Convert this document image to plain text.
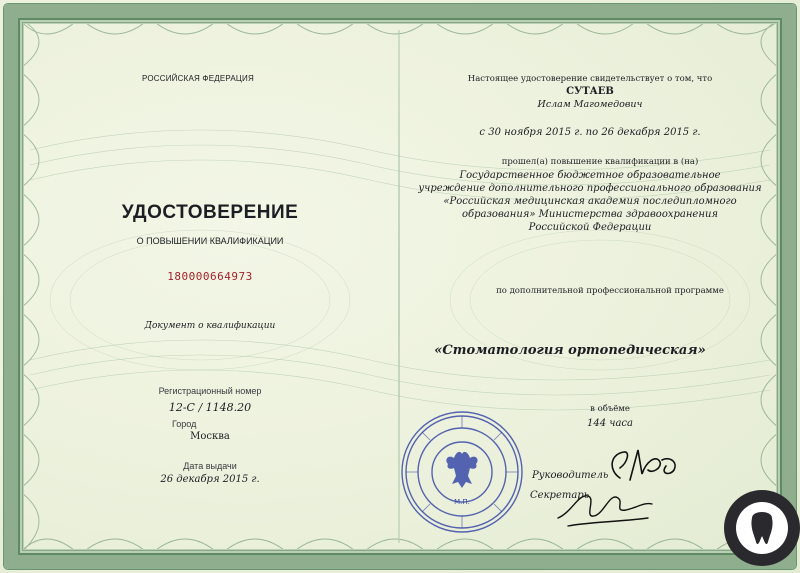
РОССИЙСКАЯ ФЕДЕРАЦИЯ
УДОСТОВЕРЕНИЕ
О ПОВЫШЕНИИ КВАЛИФИКАЦИИ
180000664973
Документ о квалификации
Регистрационный номер
12-С / 1148.20
Город
Москва
Дата выдачи
26 декабря 2015 г.
Настоящее удостоверение свидетельствует о том, что
СУТАЕВ
Ислам Магомедович
с 30 ноября 2015 г. по 26 декабря 2015 г.
прошел(а) повышение квалификации в (на)
Государственное бюджетное образовательное
учреждение дополнительного профессионального образования
«Российская медицинская академия последипломного
образования» Министерства здравоохранения
Российской Федерации
по дополнительной профессиональной программе
«Стоматология ортопедическая»
в объёме
144 часа
Руководитель
Секретарь
М.П.
